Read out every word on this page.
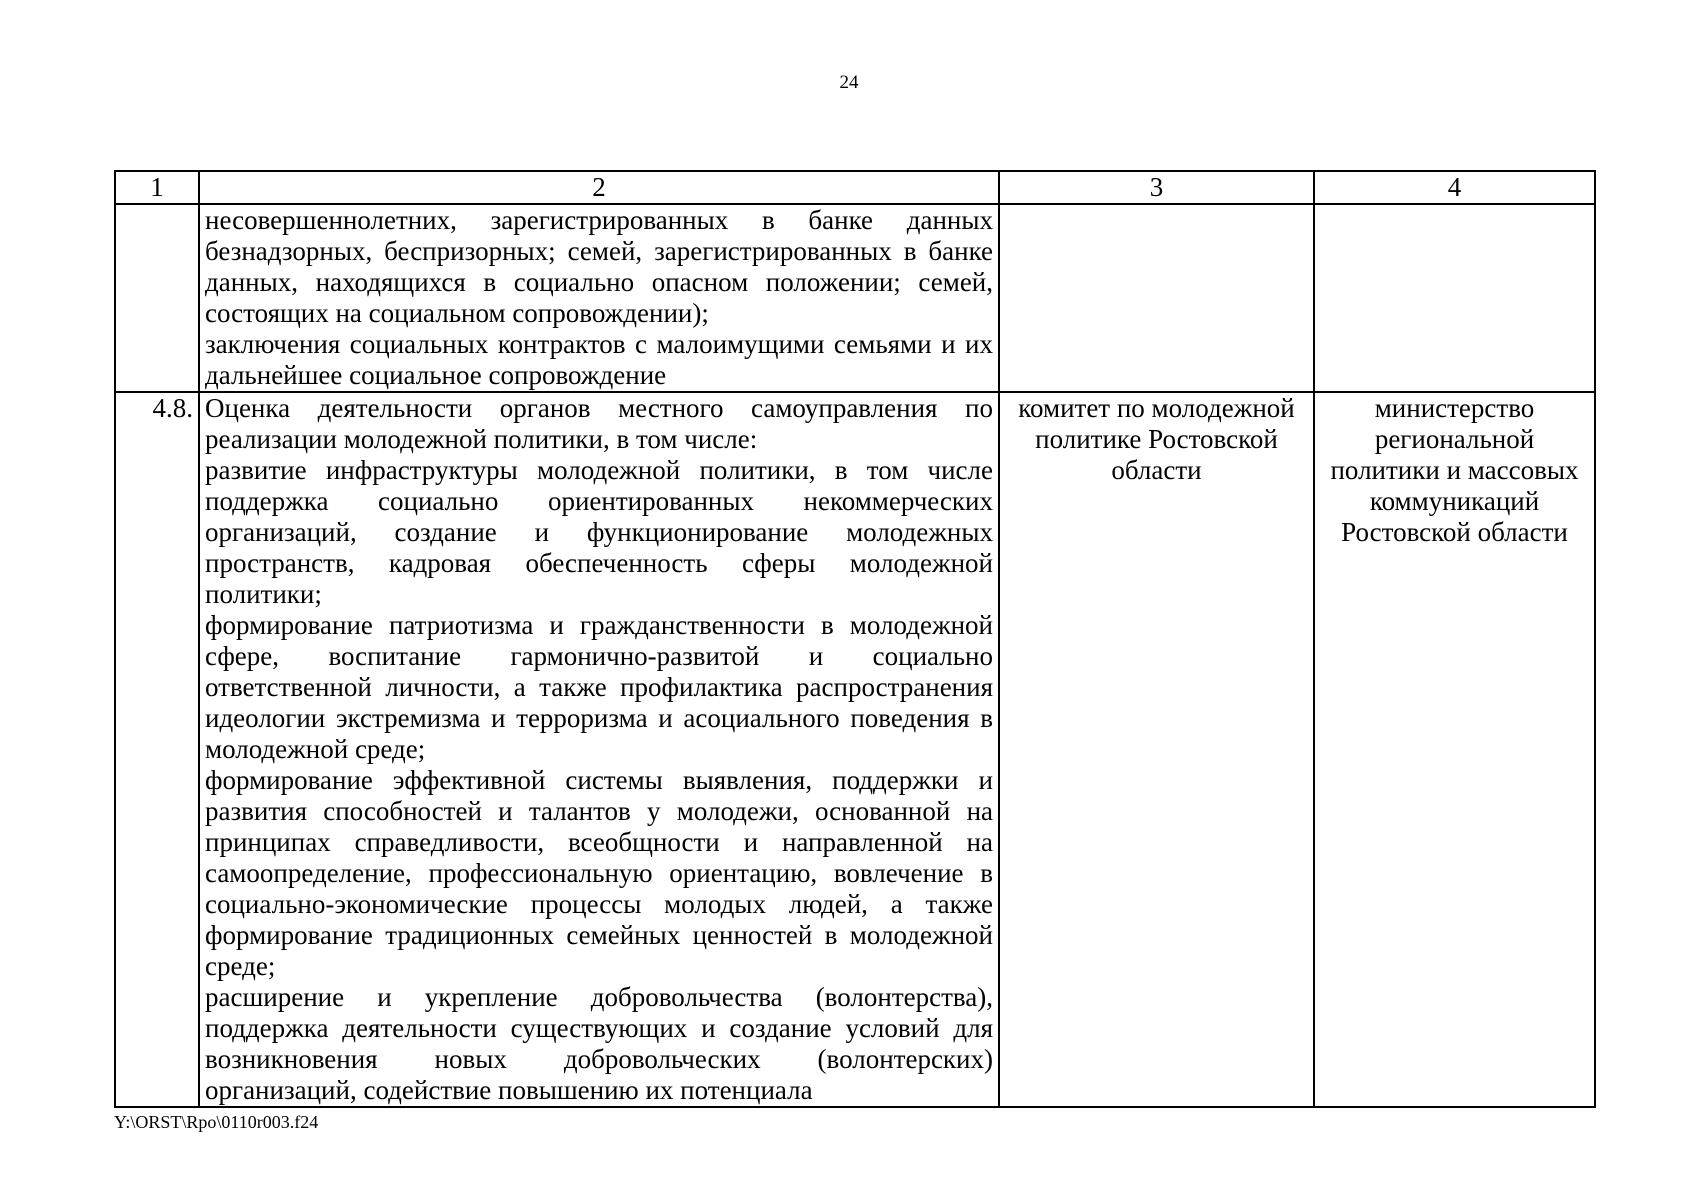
24
1	2	3	4

	несовершеннолетних, зарегистрированных в банке данных безнадзорных, беспризорных; семей, зарегистрированных в банке данных, находящихся в социально опасном положении; семей, состоящих на социальном сопровождении);
заключения социальных контрактов с малоимущими семьями и их дальнейшее социальное сопровождение		

4.8.	Оценка деятельности органов местного самоуправления по реализации молодежной политики, в том числе:
развитие инфраструктуры молодежной политики, в том числе поддержка социально ориентированных некоммерческих организаций, создание и функционирование молодежных пространств, кадровая обеспеченность сферы молодежной политики;
формирование патриотизма и гражданственности в молодежной сфере, воспитание гармонично-развитой и социально ответственной личности, а также профилактика распространения идеологии экстремизма и терроризма и асоциального поведения в молодежной среде;
формирование эффективной системы выявления, поддержки и развития способностей и талантов у молодежи, основанной на принципах справедливости, всеобщности и направленной на самоопределение, профессиональную ориентацию, вовлечение в социально-экономические процессы молодых людей, а также формирование традиционных семейных ценностей в молодежной среде;
расширение и укрепление добровольчества (волонтерства), поддержка деятельности существующих и создание условий для возникновения новых добровольческих (волонтерских) организаций, содействие повышению их потенциала	комитет по молодежной политике Ростовской области	министерство региональной политики и массовых коммуникаций Ростовской области
Y:\ORST\Rpo\0110r003.f24
